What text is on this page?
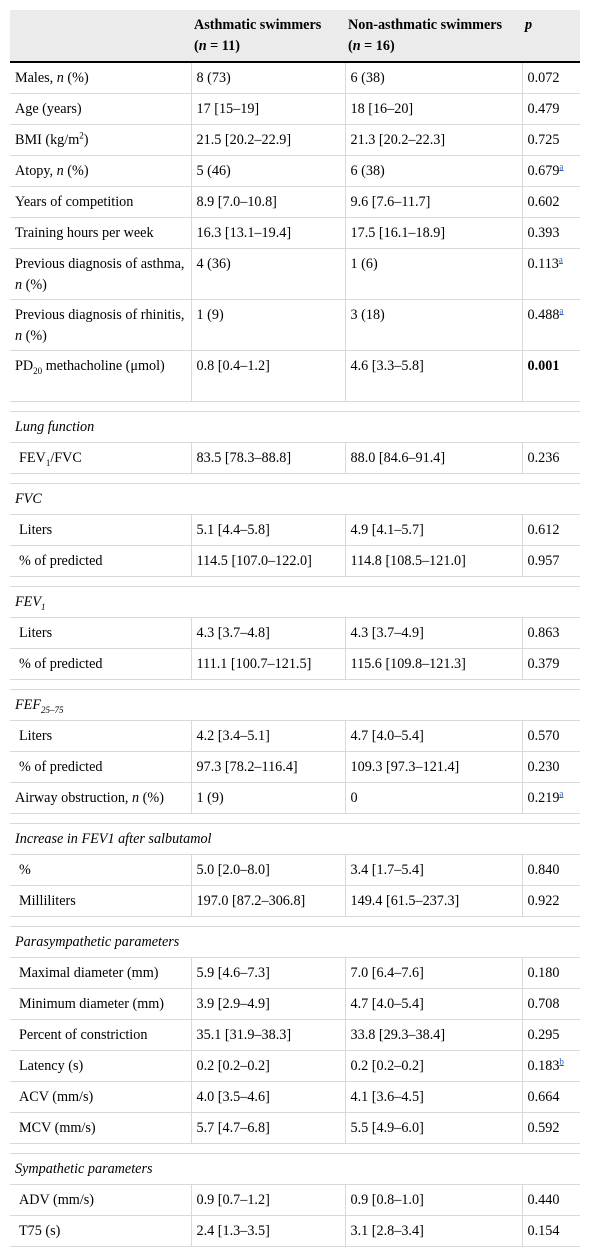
	Asthmatic swimmers
(n = 11)	Non-asthmatic swimmers
(n = 16)	p
Males, n (%)	8 (73)	6 (38)	0.072
Age (years)	17 [15–19]	18 [16–20]	0.479
BMI $(kg/m^2)$	21.5 [20.2–22.9]	21.3 [20.2–22.3]	0.725
Atopy, n (%)	5 (46)	6 (38)	0.679$^a$
Years of competition	8.9 [7.0–10.8]	9.6 [7.6–11.7]	0.602
Training hours per week	16.3 [13.1–19.4]	17.5 [16.1–18.9]	0.393
Previous diagnosis of asthma, n (%)	4 (36)	1 (6)	0.113$^a$
Previous diagnosis of rhinitis, n (%)	1 (9)	3 (18)	0.488$^a$
$PD_{20}$ methacholine (μmol)	0.8 [0.4–1.2]	4.6 [3.3–5.8]	0.001

Lung function			
$FEV_1$/FVC	83.5 [78.3–88.8]	88.0 [84.6–91.4]	0.236

FVC			
Liters	5.1 [4.4–5.8]	4.9 [4.1–5.7]	0.612
% of predicted	114.5 [107.0–122.0]	114.8 [108.5–121.0]	0.957

$FEV_1$
Liters	4.3 [3.7–4.8]	4.3 [3.7–4.9]	0.863
% of predicted	111.1 [100.7–121.5]	115.6 [109.8–121.3]	0.379

$FEF_{25-75}$
Liters	4.2 [3.4–5.1]	4.7 [4.0–5.4]	0.570
% of predicted	97.3 [78.2–116.4]	109.3 [97.3–121.4]	0.230
Airway obstruction, n (%)	1 (9)	0	0.219$^a$

Increase in FEV1 after salbutamol			
%	5.0 [2.0–8.0]	3.4 [1.7–5.4]	0.840
Milliliters	197.0 [87.2–306.8]	149.4 [61.5–237.3]	0.922

Parasympathetic parameters			
Maximal diameter (mm)	5.9 [4.6–7.3]	7.0 [6.4–7.6]	0.180
Minimum diameter (mm)	3.9 [2.9–4.9]	4.7 [4.0–5.4]	0.708
Percent of constriction	35.1 [31.9–38.3]	33.8 [29.3–38.4]	0.295
Latency (s)	0.2 [0.2–0.2]	0.2 [0.2–0.2]	0.183$^b$
ACV (mm/s)	4.0 [3.5–4.6]	4.1 [3.6–4.5]	0.664
MCV (mm/s)	5.7 [4.7–6.8]	5.5 [4.9–6.0]	0.592

Sympathetic parameters			
ADV (mm/s)	0.9 [0.7–1.2]	0.9 [0.8–1.0]	0.440
T75 (s)	2.4 [1.3–3.5]	3.1 [2.8–3.4]	0.154
